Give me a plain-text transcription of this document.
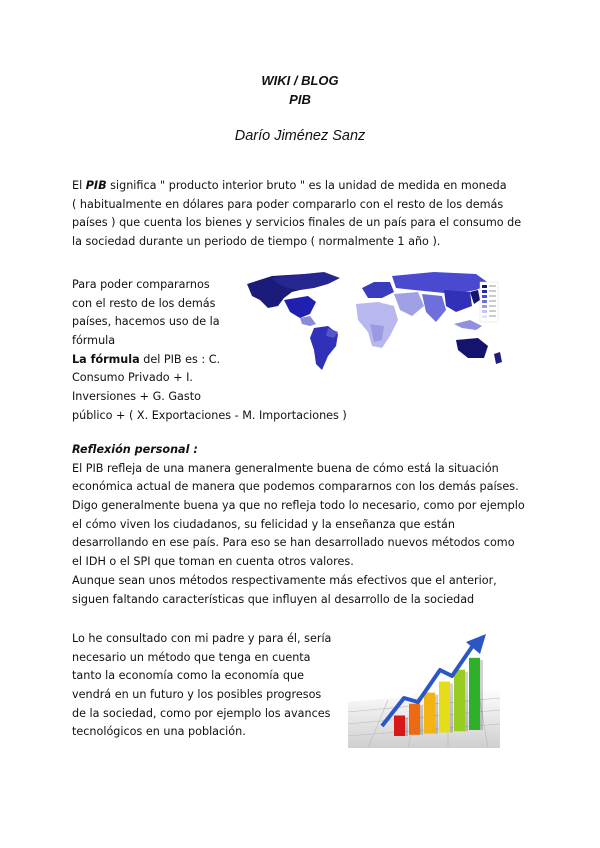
WIKI / BLOG
PIB
Darío Jiménez Sanz
El PIB significa " producto interior bruto " es la unidad de medida en moneda
( habitualmente en dólares para poder compararlo con el resto de los demás
países ) que cuenta los bienes y servicios finales de un país para el consumo de
la sociedad durante un periodo de tiempo ( normalmente 1 año ).
Para poder compararnos
con el resto de los demás
países, hacemos uso de la
fórmula
La fórmula del PIB es : C.
Consumo Privado + I.
Inversiones + G. Gasto
público + ( X. Exportaciones - M. Importaciones )
Reflexión personal :
El PIB refleja de una manera generalmente buena de cómo está la situación
económica actual de manera que podemos compararnos con los demás países.
Digo generalmente buena ya que no refleja todo lo necesario, como por ejemplo
el cómo viven los ciudadanos, su felicidad y la enseñanza que están
desarrollando en ese país. Para eso se han desarrollado nuevos métodos como
el IDH o el SPI que toman en cuenta otros valores.
Aunque sean unos métodos respectivamente más efectivos que el anterior,
siguen faltando características que influyen al desarrollo de la sociedad
Lo he consultado con mi padre y para él, sería
necesario un método que tenga en cuenta
tanto la economía como la economía que
vendrá en un futuro y los posibles progresos
de la sociedad, como por ejemplo los avances
tecnológicos en una población.
